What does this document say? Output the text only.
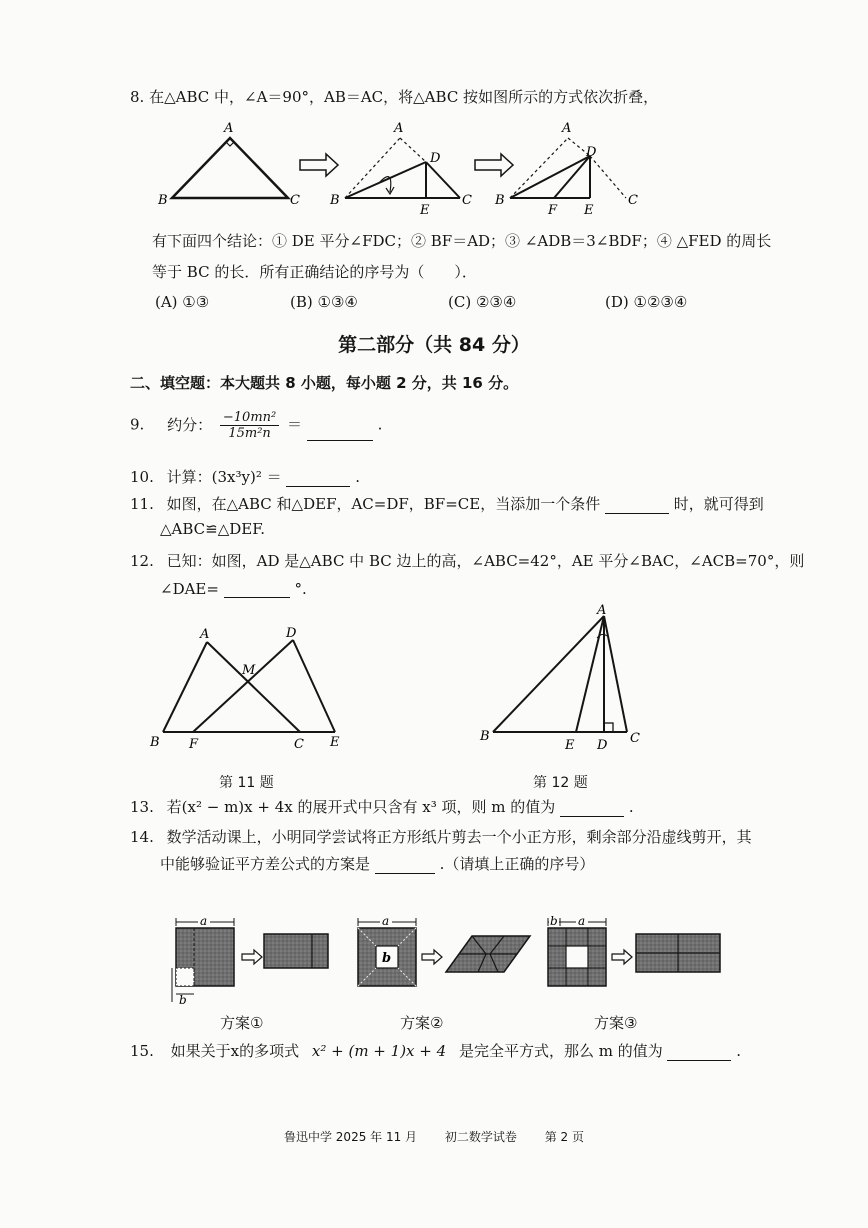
8. 在△ABC 中，∠A＝90°，AB＝AC，将△ABC 按如图所示的方式依次折叠，
A
B	C
A
D
B
E
C
A
D
B
F E
C
有下面四个结论：① DE 平分∠FDC；② BF＝AD；③ ∠ADB＝3∠BDF；④ △FED 的周长
等于 BC 的长．所有正确结论的序号为（　　）．
(A) ①③	(B) ①③④	(C) ②③④	(D) ①②③④
第二部分（共 84 分）
二、填空题：本大题共 8 小题，每小题 2 分，共 16 分。
9. 约分： $\frac{\text{−10mn²}}{\text{15m²n}}$ ＝	.
10. 计算：(3x³y)² ＝	.
11. 如图，在△ABC 和△DEF，AC=DF，BF=CE，当添加一个条件	时，就可得到
△ABC≌△DEF.
12. 已知：如图，AD 是△ABC 中 BC 边上的高，∠ABC=42°，AE 平分∠BAC，∠ACB=70°，则
∠DAE=	°.
A	D
M
B F	C E
第 11 题
A
B
E D C
第 12 题
13. 若(x² − m)x + 4x 的展开式中只含有 x³ 项，则 m 的值为	.
14. 数学活动课上，小明同学尝试将正方形纸片剪去一个小正方形，剩余部分沿虚线剪开，其
中能够验证平方差公式的方案是	.（请填上正确的序号）
a
b
a
b
b a
方案①	方案②	方案③
15. 如果关于x的多项式 x² + (m + 1)x + 4 是完全平方式，那么 m 的值为	.
鲁迅中学 2025 年 11 月 初二数学试卷 第 2 页
